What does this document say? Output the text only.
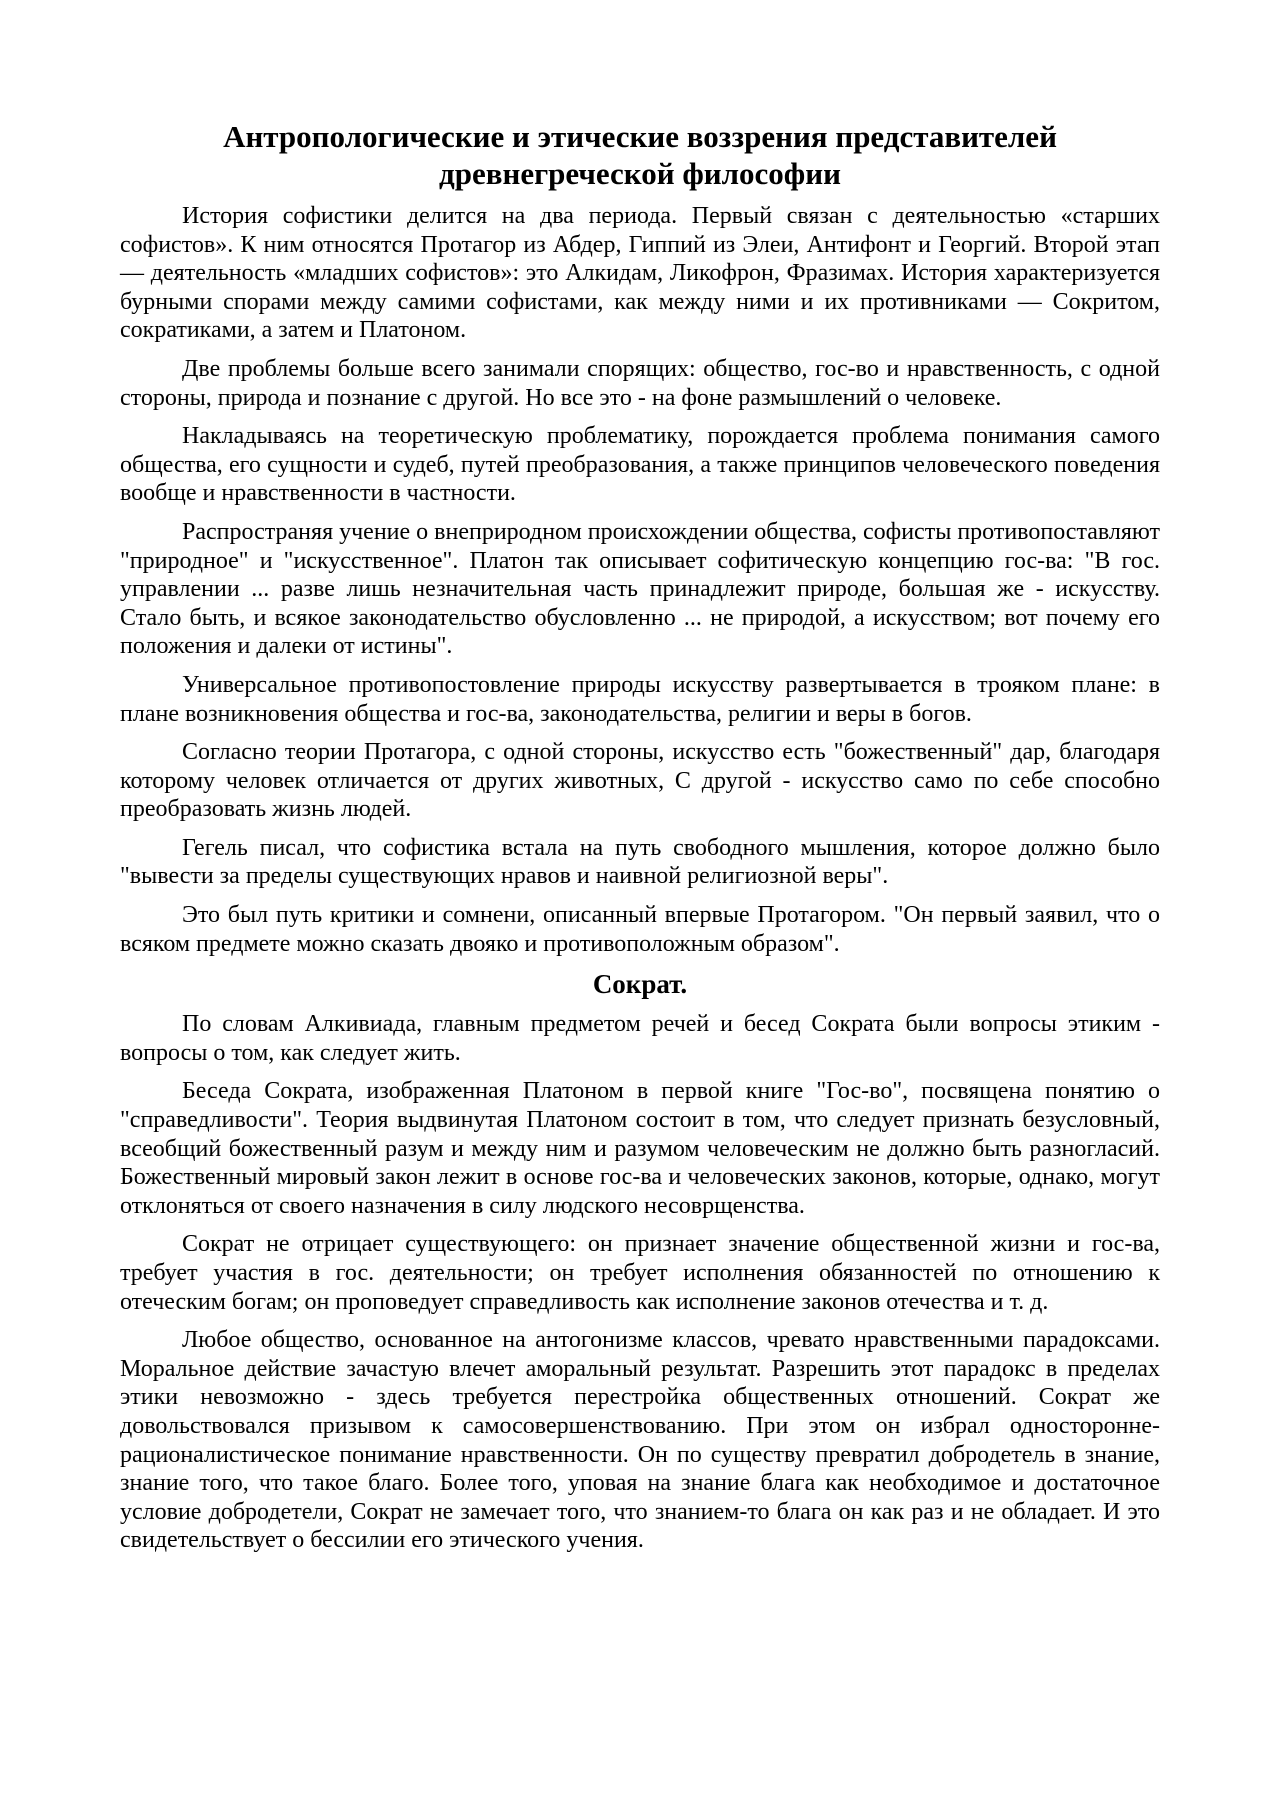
Антропологические и этические воззрения представителей
древнегреческой философии

История софистики делится на два периода. Первый связан с деятельностью «старших софистов». К ним относятся Протагор из Абдер, Гиппий из Элеи, Антифонт и Георгий. Второй этап — деятельность «младших софистов»: это Алкидам, Ликофрон, Фразимах. История характеризуется бурными спорами между самими софистами, как между ними и их противниками — Сокритом, сократиками, а затем и Платоном.

Две проблемы больше всего занимали спорящих: общество, гос-во и нравственность, с одной стороны, природа и познание с другой. Но все это - на фоне размышлений о человеке.

Накладываясь на теоретическую проблематику, порождается проблема понимания самого общества, его сущности и судеб, путей преобразования, а также принципов человеческого поведения вообще и нравственности в частности.

Распространяя учение о внеприродном происхождении общества, софисты противопоставляют "природное" и "искусственное". Платон так описывает софитическую концепцию гос-ва: "В гос. управлении ... разве лишь незначительная часть принадлежит природе, большая же - искусству. Стало быть, и всякое законодательство обусловленно ... не природой, а искусством; вот почему его положения и далеки от истины".

Универсальное противопостовление природы искусству развертывается в трояком плане: в плане возникновения общества и гос-ва, законодательства, религии и веры в богов.

Согласно теории Протагора, с одной стороны, искусство есть "божественный" дар, благодаря которому человек отличается от других животных, С другой - искусство само по себе способно преобразовать жизнь людей.

Гегель писал, что софистика встала на путь свободного мышления, которое должно было "вывести за пределы существующих нравов и наивной религиозной веры".

Это был путь критики и сомнени, описанный впервые Протагором. "Он первый заявил, что о всяком предмете можно сказать двояко и противоположным образом".

Сократ.

По словам Алкивиада, главным предметом речей и бесед Сократа были вопросы этиким - вопросы о том, как следует жить.

Беседа Сократа, изображенная Платоном в первой книге "Гос-во", посвящена понятию о "справедливости". Теория выдвинутая Платоном состоит в том, что следует признать безусловный, всеобщий божественный разум и между ним и разумом человеческим не должно быть разногласий. Божественный мировый закон лежит в основе гос-ва и человеческих законов, которые, однако, могут отклоняться от своего назначения в силу людского несоврщенства.

Сократ не отрицает существующего: он признает значение общественной жизни и гос-ва, требует участия в гос. деятельности; он требует исполнения обязанностей по отношению к отеческим богам; он проповедует справедливость как исполнение законов отечества и т. д.

Любое общество, основанное на антогонизме классов, чревато нравственными парадоксами. Моральное действие зачастую влечет аморальный результат. Разрешить этот парадокс в пределах этики невозможно - здесь требуется перестройка общественных отношений. Сократ же довольствовался призывом к самосовершенствованию. При этом он избрал одностороннe-рационалистическое понимание нравственности. Он по существу превратил добродетель в знание, знание того, что такое благо. Более того, уповая на знание блага как необходимое и достаточное условие добродетели, Сократ не замечает того, что знанием-то блага он как раз и не обладает. И это свидетельствует о бессилии его этического учения.
